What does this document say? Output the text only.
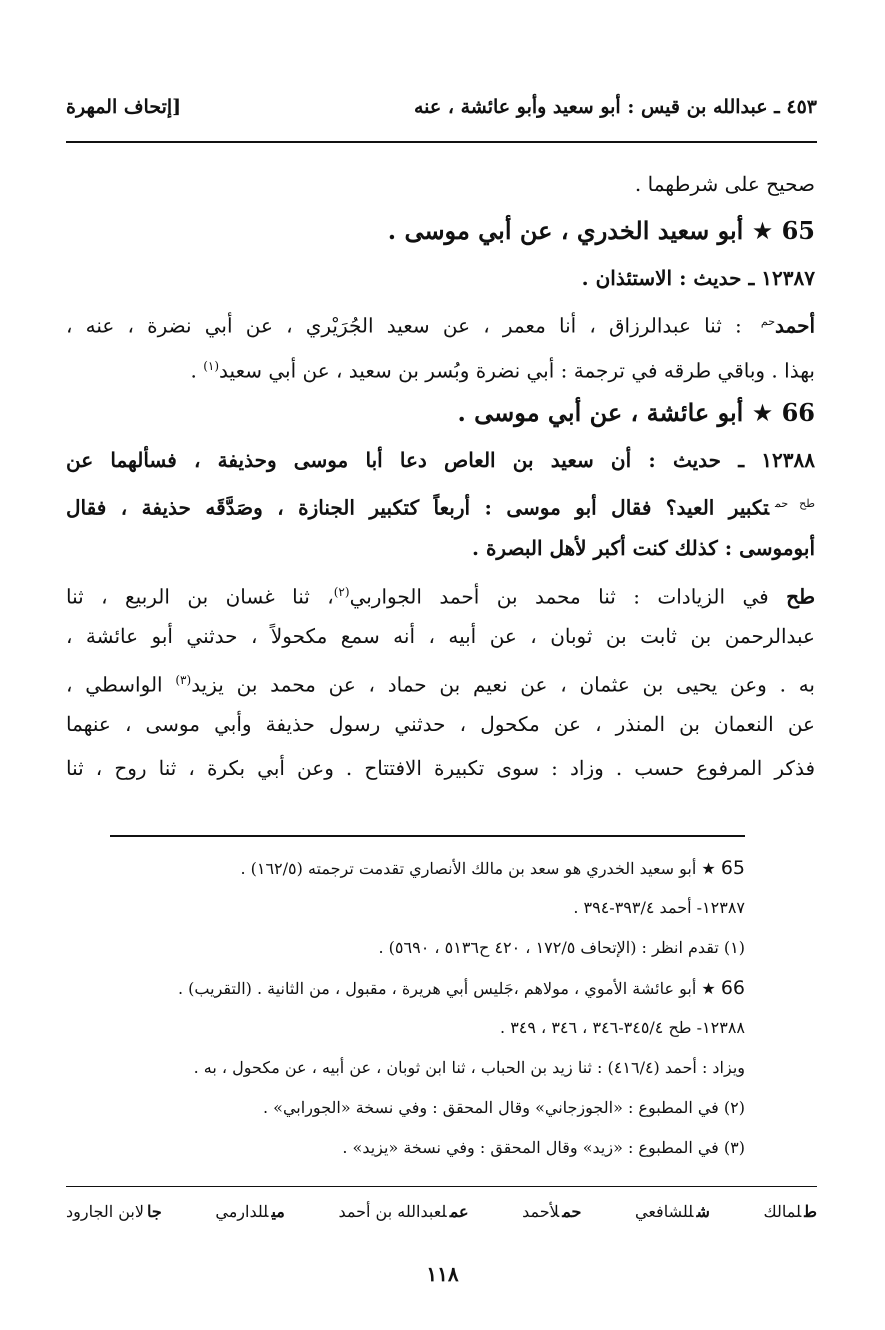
٤٥٣ ـ عبدالله بن قيس : أبو سعيد وأبو عائشة ، عنه
[إتحاف المهرة
صحيح على شرطهما .
65 ★ أبو سعيد الخدري ، عن أبي موسى .
١٢٣٨٧ ـ حديث : الاستئذان .
أحمد$^{حم}$ : ثنا عبدالرزاق ، أنا معمر ، عن سعيد الجُرَيْري ، عن أبي نضرة ، عنه ،
بهذا . وباقي طرقه في ترجمة : أبي نضرة وبُسر بن سعيد ، عن أبي سعيد$^{(١)}$ .
66 ★ أبو عائشة ، عن أبي موسى .
١٢٣٨٨ ـ حديث : أن سعيد بن العاص دعا أبا موسى وحذيفة ، فسألهما عن
$^{طح حم}$تكبير العيد؟ فقال أبو موسى : أربعاً كتكبير الجنازة ، وصَدَّقَه حذيفة ، فقال
أبوموسى : كذلك كنت أكبر لأهل البصرة .
طح في الزيادات : ثنا محمد بن أحمد الجواربي$^{(٢)}$، ثنا غسان بن الربيع ، ثنا
عبدالرحمن بن ثابت بن ثوبان ، عن أبيه ، أنه سمع مكحولاً ، حدثني أبو عائشة ،
به . وعن يحيى بن عثمان ، عن نعيم بن حماد ، عن محمد بن يزيد$^{(٣)}$ الواسطي ،
عن النعمان بن المنذر ، عن مكحول ، حدثني رسول حذيفة وأبي موسى ، عنهما
فذكر المرفوع حسب . وزاد : سوى تكبيرة الافتتاح . وعن أبي بكرة ، ثنا روح ، ثنا
65 ★ أبو سعيد الخدري هو سعد بن مالك الأنصاري تقدمت ترجمته (١٦٢/٥) .
١٢٣٨٧- أحمد ٣٩٣/٤-٣٩٤ .
(١) تقدم انظر : (الإتحاف ١٧٢/٥ ، ٤٢٠ ح٥١٣٦ ، ٥٦٩٠) .
66 ★ أبو عائشة الأموي ، مولاهم ،جَليس أبي هريرة ، مقبول ، من الثانية . (التقريب) .
١٢٣٨٨- طح ٣٤٥/٤-٣٤٦ ، ٣٤٦ ، ٣٤٩ .
ويزاد : أحمد (٤١٦/٤) : ثنا زيد بن الحباب ، ثنا ابن ثوبان ، عن أبيه ، عن مكحول ، به .
(٢) في المطبوع : «الجوزجاني» وقال المحقق : وفي نسخة «الجورابي» .
(٣) في المطبوع : «زيد» وقال المحقق : وفي نسخة «يزيد» .
طلمالك
شللشافعي
حملأحمد
عملعبدالله بن أحمد
ميللدارمي
جالابن الجارود
١١٨
